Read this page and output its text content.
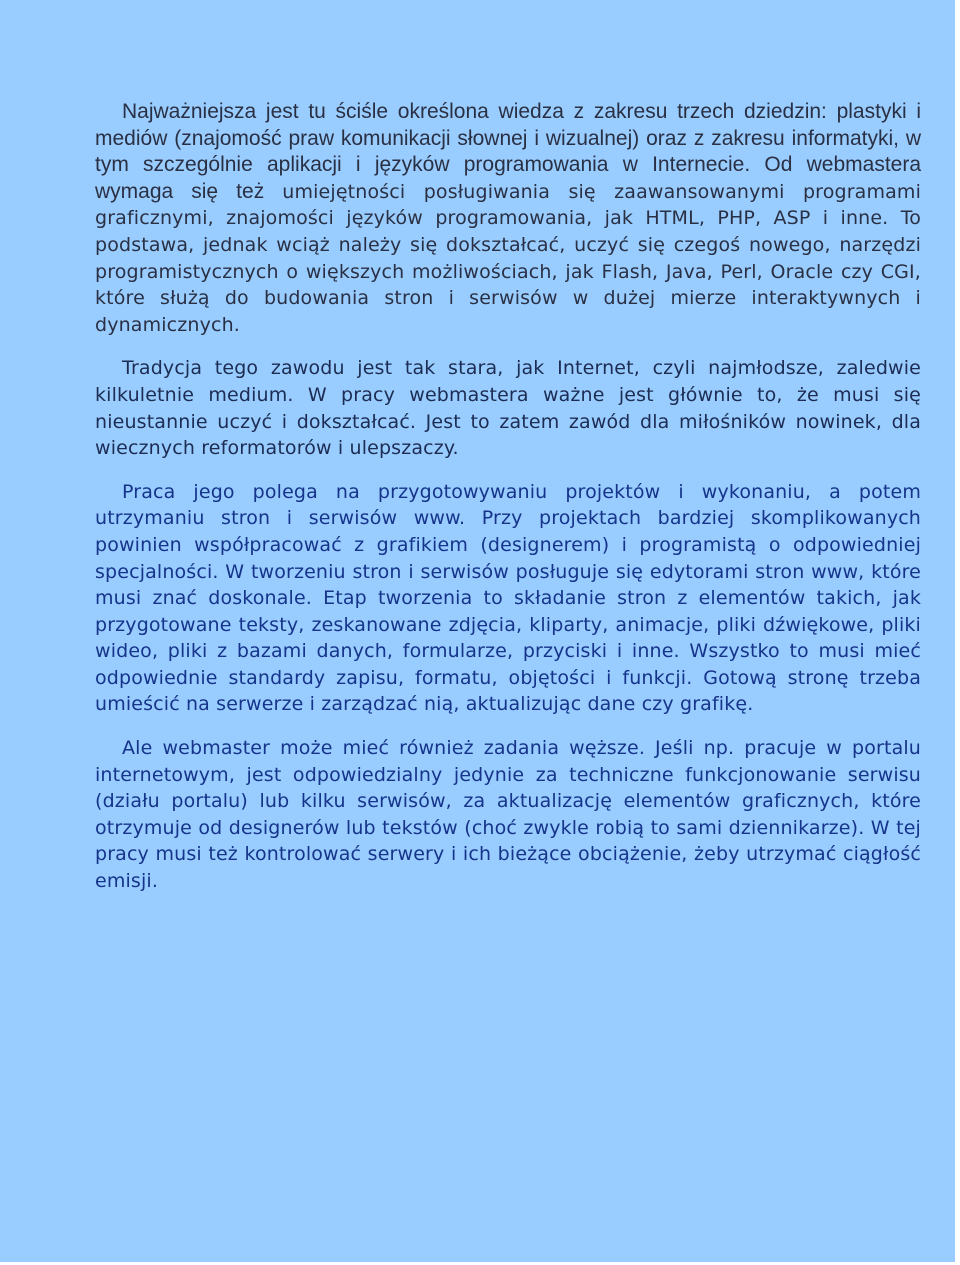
Najważniejsza jest tu ściśle określona wiedza z zakresu trzech dziedzin: plastyki i mediów (znajomość praw komunikacji słownej i wizualnej) oraz z zakresu informatyki, w tym szczególnie aplikacji i języków programowania w Internecie. Od webmastera wymaga się też umiejętności posługiwania się zaawansowanymi programami graficznymi, znajomości języków programowania, jak HTML, PHP, ASP i inne. To podstawa, jednak wciąż należy się dokształcać, uczyć się czegoś nowego, narzędzi programistycznych o większych możliwościach, jak Flash, Java, Perl, Oracle czy CGI, które służą do budowania stron i serwisów w dużej mierze interaktywnych i dynamicznych.

Tradycja tego zawodu jest tak stara, jak Internet, czyli najmłodsze, zaledwie kilkuletnie medium. W pracy webmastera ważne jest głównie to, że musi się nieustannie uczyć i dokształcać. Jest to zatem zawód dla miłośników nowinek, dla wiecznych reformatorów i ulepszaczy.

Praca jego polega na przygotowywaniu projektów i wykonaniu, a potem utrzymaniu stron i serwisów www. Przy projektach bardziej skomplikowanych powinien współpracować z grafikiem (designerem) i programistą o odpowiedniej specjalności. W tworzeniu stron i serwisów posługuje się edytorami stron www, które musi znać doskonale. Etap tworzenia to składanie stron z elementów takich, jak przygotowane teksty, zeskanowane zdjęcia, kliparty, animacje, pliki dźwiękowe, pliki wideo, pliki z bazami danych, formularze, przyciski i inne. Wszystko to musi mieć odpowiednie standardy zapisu, formatu, objętości i funkcji. Gotową stronę trzeba umieścić na serwerze i zarządzać nią, aktualizując dane czy grafikę.

Ale webmaster może mieć również zadania węższe. Jeśli np. pracuje w portalu internetowym, jest odpowiedzialny jedynie za techniczne funkcjonowanie serwisu (działu portalu) lub kilku serwisów, za aktualizację elementów graficznych, które otrzymuje od designerów lub tekstów (choć zwykle robią to sami dziennikarze). W tej pracy musi też kontrolować serwery i ich bieżące obciążenie, żeby utrzymać ciągłość emisji.
